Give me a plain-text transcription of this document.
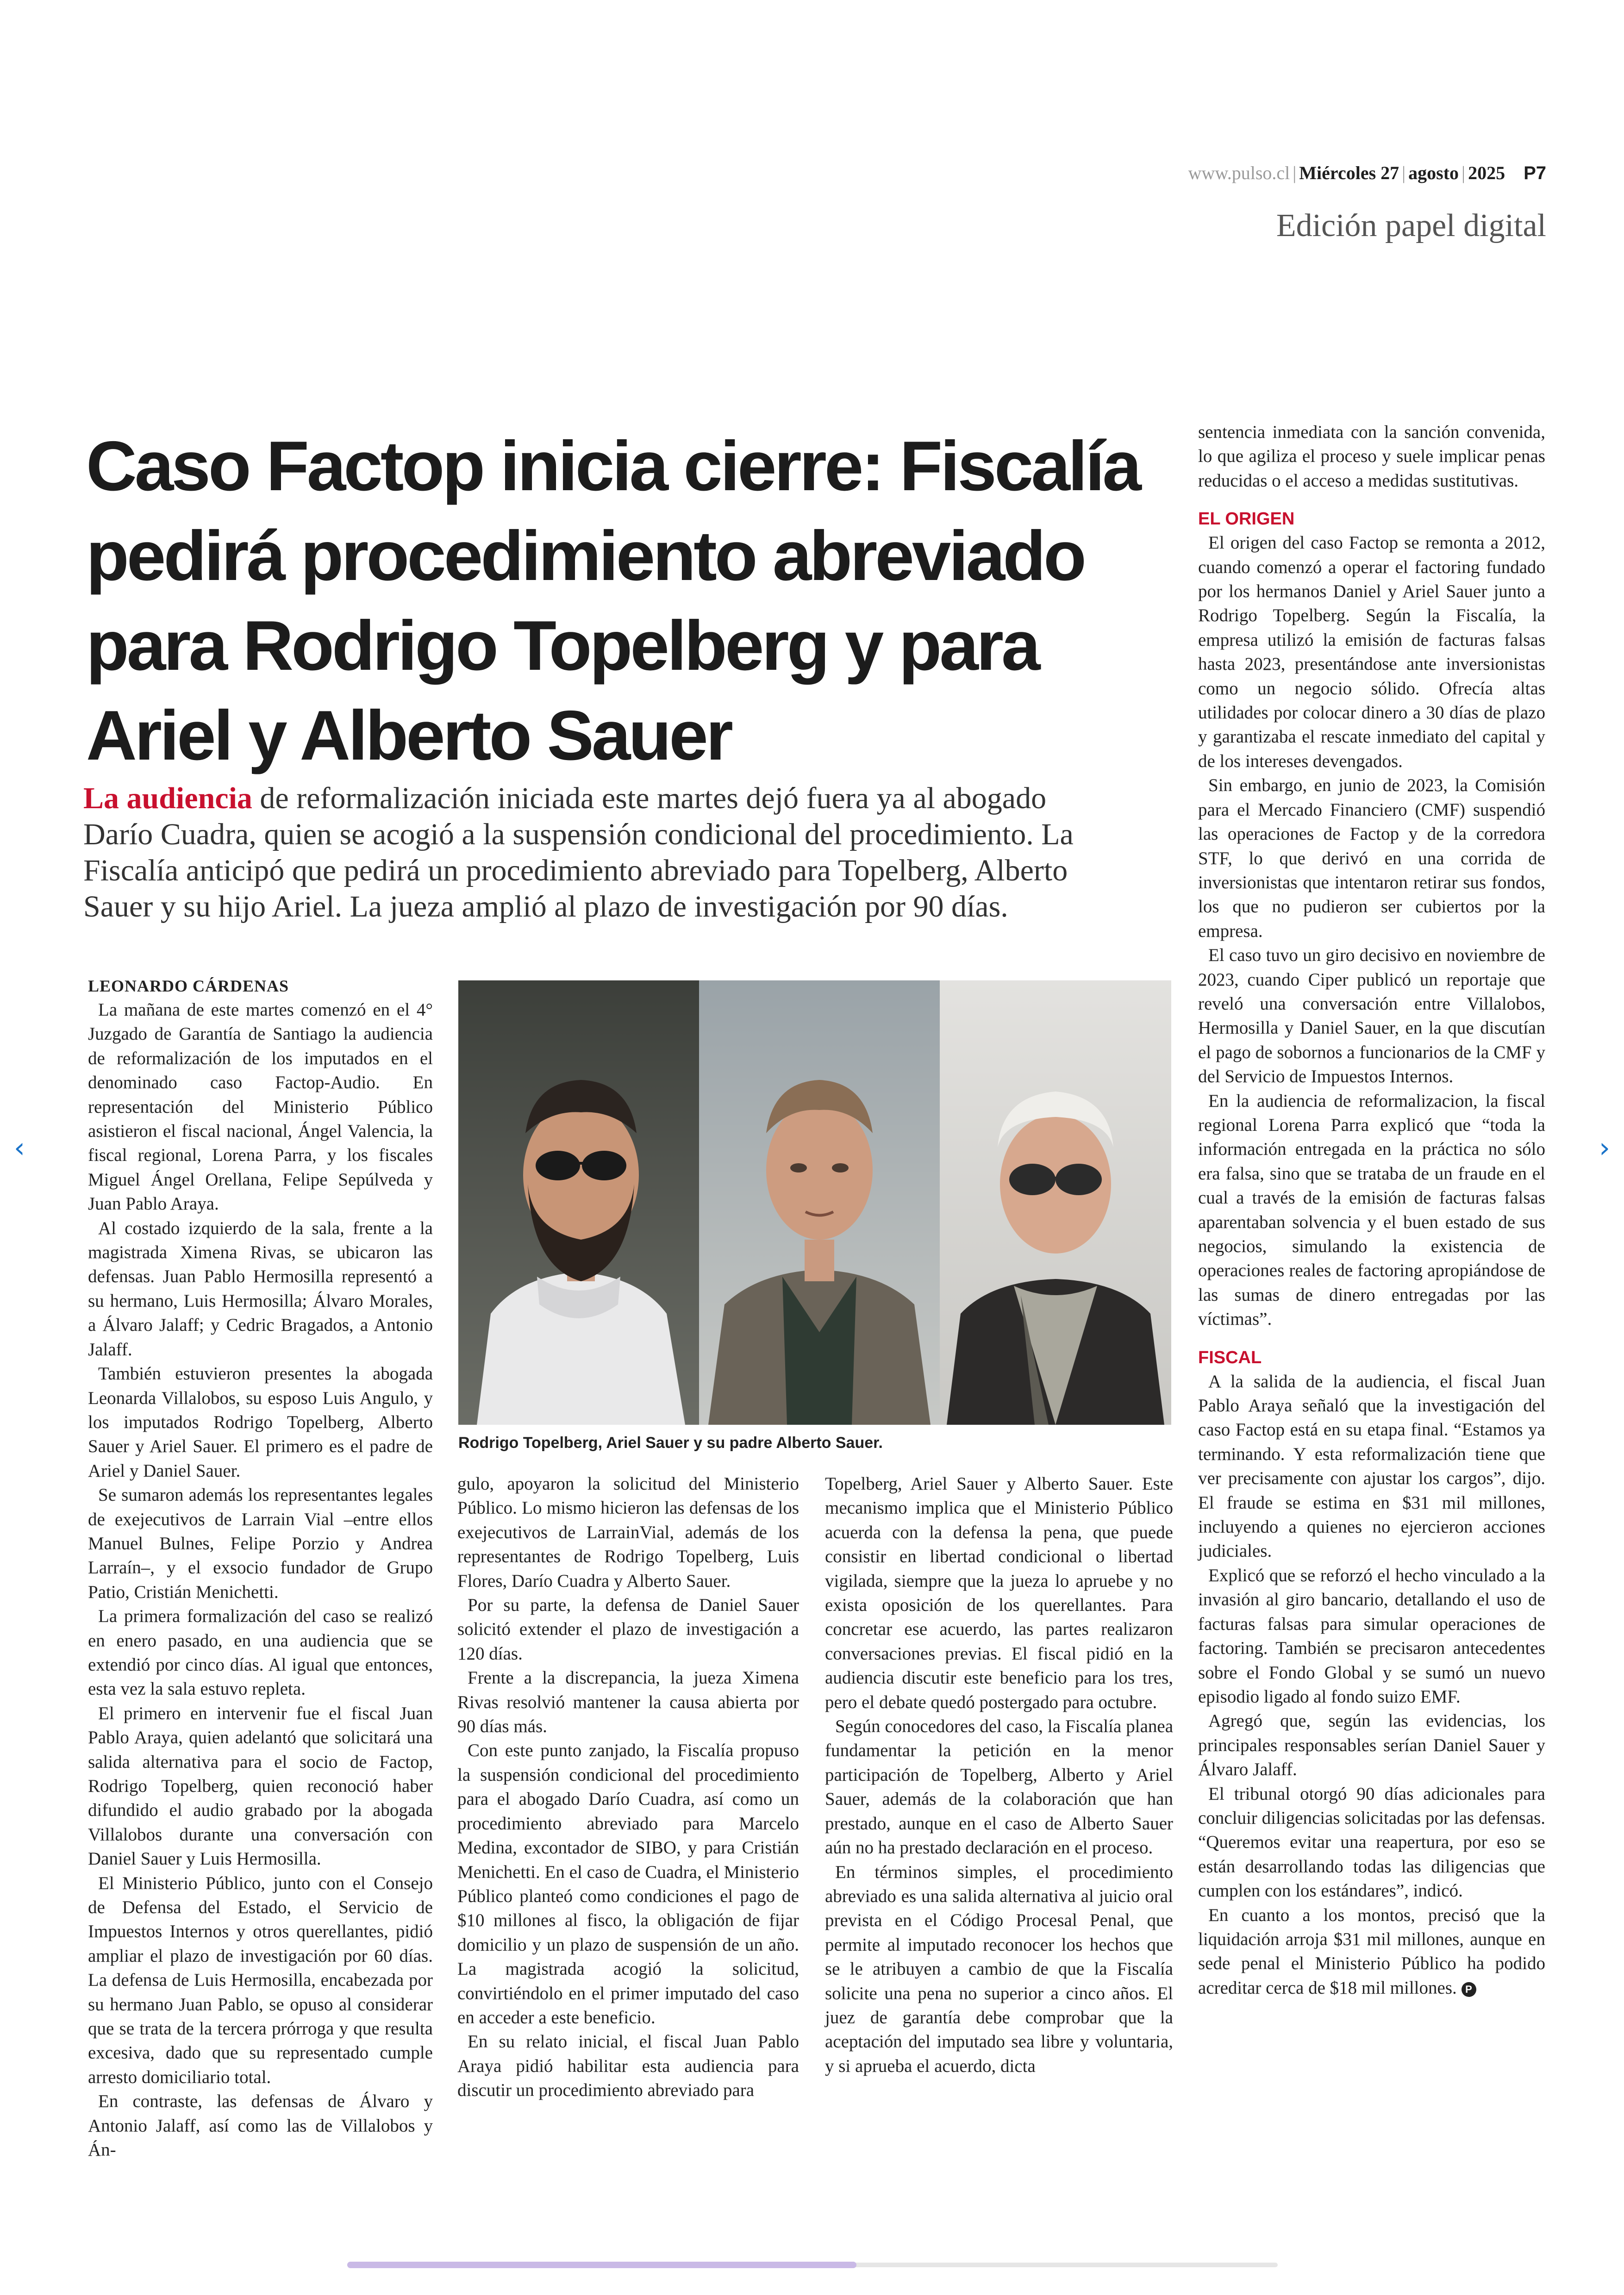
www.pulso.cl | Miércoles 27 | agosto | 2025 P7
Edición papel digital
Caso Factop inicia cierre: Fiscalía
pedirá procedimiento abreviado
para Rodrigo Topelberg y para
Ariel y Alberto Sauer
La audiencia de reformalización iniciada este martes dejó fuera ya al abogado
Darío Cuadra, quien se acogió a la suspensión condicional del procedimiento. La
Fiscalía anticipó que pedirá un procedimiento abreviado para Topelberg, Alberto
Sauer y su hijo Ariel. La jueza amplió al plazo de investigación por 90 días.

LEONARDO CÁRDENAS

La mañana de este martes comenzó en el 4° Juzgado de Garantía de Santiago la audiencia de reformalización de los imputados en el denominado caso Factop-Audio. En representación del Ministerio Público asistieron el fiscal nacional, Ángel Valencia, la fiscal regional, Lorena Parra, y los fiscales Miguel Ángel Orellana, Felipe Sepúlveda y Juan Pablo Araya.

Al costado izquierdo de la sala, frente a la magistrada Ximena Rivas, se ubicaron las defensas. Juan Pablo Hermosilla representó a su hermano, Luis Hermosilla; Álvaro Morales, a Álvaro Jalaff; y Cedric Bragados, a Antonio Jalaff.

También estuvieron presentes la abogada Leonarda Villalobos, su esposo Luis Angulo, y los imputados Rodrigo Topelberg, Alberto Sauer y Ariel Sauer. El primero es el padre de Ariel y Daniel Sauer.

Se sumaron además los representantes legales de exejecutivos de Larrain Vial –entre ellos Manuel Bulnes, Felipe Porzio y Andrea Larraín–, y el exsocio fundador de Grupo Patio, Cristián Menichetti.

La primera formalización del caso se realizó en enero pasado, en una audiencia que se extendió por cinco días. Al igual que entonces, esta vez la sala estuvo repleta.

El primero en intervenir fue el fiscal Juan Pablo Araya, quien adelantó que solicitará una salida alternativa para el socio de Factop, Rodrigo Topelberg, quien reconoció haber difundido el audio grabado por la abogada Villalobos durante una conversación con Daniel Sauer y Luis Hermosilla.

El Ministerio Público, junto con el Consejo de Defensa del Estado, el Servicio de Impuestos Internos y otros querellantes, pidió ampliar el plazo de investigación por 60 días. La defensa de Luis Hermosilla, encabezada por su hermano Juan Pablo, se opuso al considerar que se trata de la tercera prórroga y que resulta excesiva, dado que su representado cumple arresto domiciliario total.

En contraste, las defensas de Álvaro y Antonio Jalaff, así como las de Villalobos y Án-

Rodrigo Topelberg, Ariel Sauer y su padre Alberto Sauer.

gulo, apoyaron la solicitud del Ministerio Público. Lo mismo hicieron las defensas de los exejecutivos de LarrainVial, además de los representantes de Rodrigo Topelberg, Luis Flores, Darío Cuadra y Alberto Sauer.

Por su parte, la defensa de Daniel Sauer solicitó extender el plazo de investigación a 120 días.

Frente a la discrepancia, la jueza Ximena Rivas resolvió mantener la causa abierta por 90 días más.

Con este punto zanjado, la Fiscalía propuso la suspensión condicional del procedimiento para el abogado Darío Cuadra, así como un procedimiento abreviado para Marcelo Medina, excontador de SIBO, y para Cristián Menichetti. En el caso de Cuadra, el Ministerio Público planteó como condiciones el pago de $10 millones al fisco, la obligación de fijar domicilio y un plazo de suspensión de un año. La magistrada acogió la solicitud, convirtiéndolo en el primer imputado del caso en acceder a este beneficio.

En su relato inicial, el fiscal Juan Pablo Araya pidió habilitar esta audiencia para discutir un procedimiento abreviado para

Topelberg, Ariel Sauer y Alberto Sauer. Este mecanismo implica que el Ministerio Público acuerda con la defensa la pena, que puede consistir en libertad condicional o libertad vigilada, siempre que la jueza lo apruebe y no exista oposición de los querellantes. Para concretar ese acuerdo, las partes realizaron conversaciones previas. El fiscal pidió en la audiencia discutir este beneficio para los tres, pero el debate quedó postergado para octubre.

Según conocedores del caso, la Fiscalía planea fundamentar la petición en la menor participación de Topelberg, Alberto y Ariel Sauer, además de la colaboración que han prestado, aunque en el caso de Alberto Sauer aún no ha prestado declaración en el proceso.

En términos simples, el procedimiento abreviado es una salida alternativa al juicio oral prevista en el Código Procesal Penal, que permite al imputado reconocer los hechos que se le atribuyen a cambio de que la Fiscalía solicite una pena no superior a cinco años. El juez de garantía debe comprobar que la aceptación del imputado sea libre y voluntaria, y si aprueba el acuerdo, dicta

sentencia inmediata con la sanción convenida, lo que agiliza el proceso y suele implicar penas reducidas o el acceso a medidas sustitutivas.

EL ORIGEN

El origen del caso Factop se remonta a 2012, cuando comenzó a operar el factoring fundado por los hermanos Daniel y Ariel Sauer junto a Rodrigo Topelberg. Según la Fiscalía, la empresa utilizó la emisión de facturas falsas hasta 2023, presentándose ante inversionistas como un negocio sólido. Ofrecía altas utilidades por colocar dinero a 30 días de plazo y garantizaba el rescate inmediato del capital y de los intereses devengados.

Sin embargo, en junio de 2023, la Comisión para el Mercado Financiero (CMF) suspendió las operaciones de Factop y de la corredora STF, lo que derivó en una corrida de inversionistas que intentaron retirar sus fondos, los que no pudieron ser cubiertos por la empresa.

El caso tuvo un giro decisivo en noviembre de 2023, cuando Ciper publicó un reportaje que reveló una conversación entre Villalobos, Hermosilla y Daniel Sauer, en la que discutían el pago de sobornos a funcionarios de la CMF y del Servicio de Impuestos Internos.

En la audiencia de reformalizacion, la fiscal regional Lorena Parra explicó que “toda la información entregada en la práctica no sólo era falsa, sino que se trataba de un fraude en el cual a través de la emisión de facturas falsas aparentaban solvencia y el buen estado de sus negocios, simulando la existencia de operaciones reales de factoring apropiándose de las sumas de dinero entregadas por las víctimas”.

FISCAL

A la salida de la audiencia, el fiscal Juan Pablo Araya señaló que la investigación del caso Factop está en su etapa final. “Estamos ya terminando. Y esta reformalización tiene que ver precisamente con ajustar los cargos”, dijo. El fraude se estima en $31 mil millones, incluyendo a quienes no ejercieron acciones judiciales.

Explicó que se reforzó el hecho vinculado a la invasión al giro bancario, detallando el uso de facturas falsas para simular operaciones de factoring. También se precisaron antecedentes sobre el Fondo Global y se sumó un nuevo episodio ligado al fondo suizo EMF.

Agregó que, según las evidencias, los principales responsables serían Daniel Sauer y Álvaro Jalaff.

El tribunal otorgó 90 días adicionales para concluir diligencias solicitadas por las defensas. “Queremos evitar una reapertura, por eso se están desarrollando todas las diligencias que cumplen con los estándares”, indicó.

En cuanto a los montos, precisó que la liquidación arroja $31 mil millones, aunque en sede penal el Ministerio Público ha podido acreditar cerca de $18 mil millones. P

‹	›
